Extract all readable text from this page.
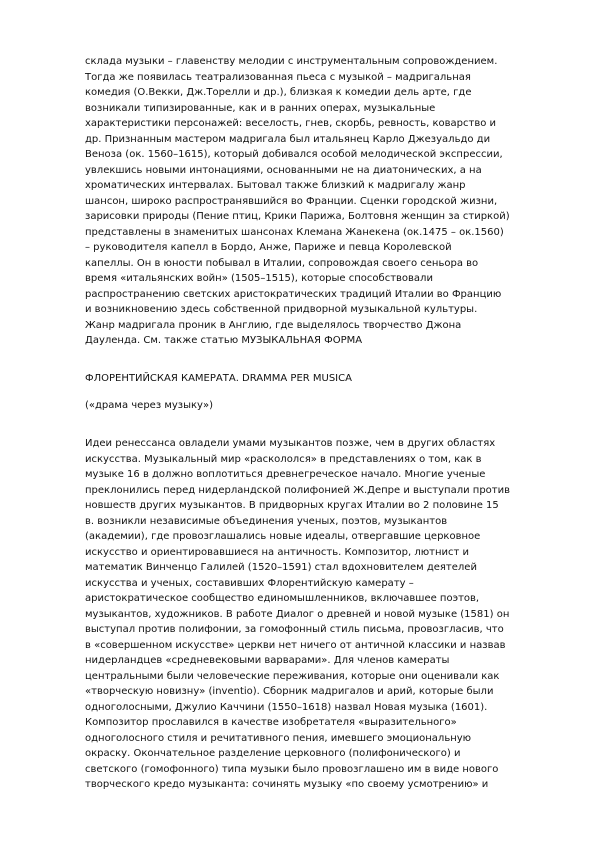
склада музыки – главенству мелодии с инструментальным сопровождением.
Тогда же появилась театрализованная пьеса с музыкой – мадригальная
комедия (О.Векки, Дж.Торелли и др.), близкая к комедии дель арте, где
возникали типизированные, как и в ранних операх, музыкальные
характеристики персонажей: веселость, гнев, скорбь, ревность, коварство и
др. Признанным мастером мадригала был итальянец Карло Джезуальдо ди
Веноза (ок. 1560–1615), который добивался особой мелодической экспрессии,
увлекшись новыми интонациями, основанными не на диатонических, а на
хроматических интервалах. Бытовал также близкий к мадригалу жанр
шансон, широко распространявшийся во Франции. Сценки городской жизни,
зарисовки природы (Пение птиц, Крики Парижа, Болтовня женщин за стиркой)
представлены в знаменитых шансонах Клемана Жанекена (ок.1475 – ок.1560)
– руководителя капелл в Бордо, Анже, Париже и певца Королевской
капеллы. Он в юности побывал в Италии, сопровождая своего сеньора во
время «итальянских войн» (1505–1515), которые способствовали
распространению светских аристократических традиций Италии во Францию
и возникновению здесь собственной придворной музыкальной культуры.
Жанр мадригала проник в Англию, где выделялось творчество Джона
Дауленда. См. также статью МУЗЫКАЛЬНАЯ ФОРМА
ФЛОРЕНТИЙСКАЯ КАМЕРАТА. DRAMMA PER MUSICA
(«драма через музыку»)
Идеи ренессанса овладели умами музыкантов позже, чем в других областях
искусства. Музыкальный мир «раскололся» в представлениях о том, как в
музыке 16 в должно воплотиться древнегреческое начало. Многие ученые
преклонились перед нидерландской полифонией Ж.Депре и выступали против
новшеств других музыкантов. В придворных кругах Италии во 2 половине 15
в. возникли независимые объединения ученых, поэтов, музыкантов
(академии), где провозглашались новые идеалы, отвергавшие церковное
искусство и ориентировавшиеся на античность. Композитор, лютнист и
математик Винченцо Галилей (1520–1591) стал вдохновителем деятелей
искусства и ученых, составивших Флорентийскую камерату –
аристократическое сообщество единомышленников, включавшее поэтов,
музыкантов, художников. В работе Диалог о древней и новой музыке (1581) он
выступал против полифонии, за гомофонный стиль письма, провозгласив, что
в «совершенном искусстве» церкви нет ничего от античной классики и назвав
нидерландцев «средневековыми варварами». Для членов камераты
центральными были человеческие переживания, которые они оценивали как
«творческую новизну» (inventio). Сборник мадригалов и арий, которые были
одноголосными, Джулио Каччини (1550–1618) назвал Новая музыка (1601).
Композитор прославился в качестве изобретателя «выразительного»
одноголосного стиля и речитативного пения, имевшего эмоциональную
окраску. Окончательное разделение церковного (полифонического) и
светского (гомофонного) типа музыки было провозглашено им в виде нового
творческого кредо музыканта: сочинять музыку «по своему усмотрению» и
